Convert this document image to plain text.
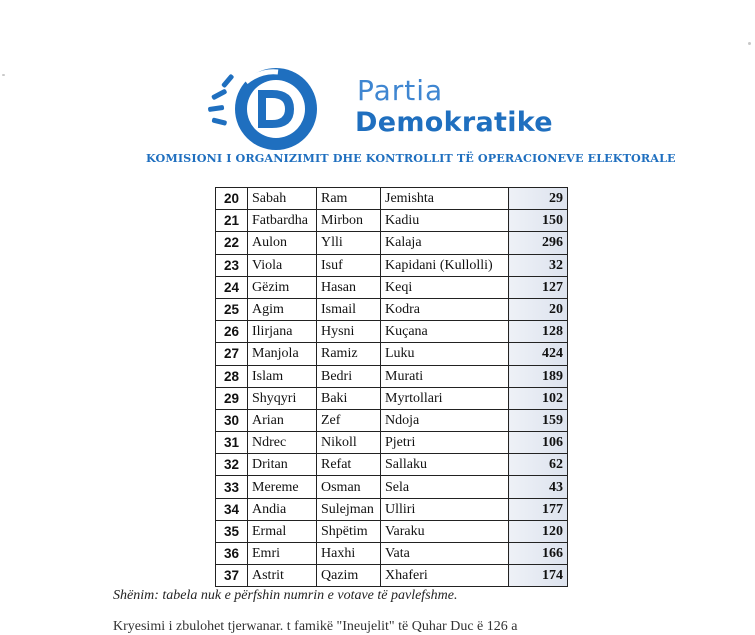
Partia
Demokratike
KOMISIONI I ORGANIZIMIT DHE KONTROLLIT TË OPERACIONEVE ELEKTORALE
20	Sabah	Ram	Jemishta	29
21	Fatbardha	Mirbon	Kadiu	150
22	Aulon	Ylli	Kalaja	296
23	Viola	Isuf	Kapidani (Kullolli)	32
24	Gëzim	Hasan	Keqi	127
25	Agim	Ismail	Kodra	20
26	Ilirjana	Hysni	Kuçana	128
27	Manjola	Ramiz	Luku	424
28	Islam	Bedri	Murati	189
29	Shyqyri	Baki	Myrtollari	102
30	Arian	Zef	Ndoja	159
31	Ndrec	Nikoll	Pjetri	106
32	Dritan	Refat	Sallaku	62
33	Mereme	Osman	Sela	43
34	Andia	Sulejman	Ulliri	177
35	Ermal	Shpëtim	Varaku	120
36	Emri	Haxhi	Vata	166
37	Astrit	Qazim	Xhaferi	174
Shënim: tabela nuk e përfshin numrin e votave të pavlefshme.
Kryesimi i zbulohet tjerwanar. t famikë "Ineujelit" të Quhar Duc ë 126 a
